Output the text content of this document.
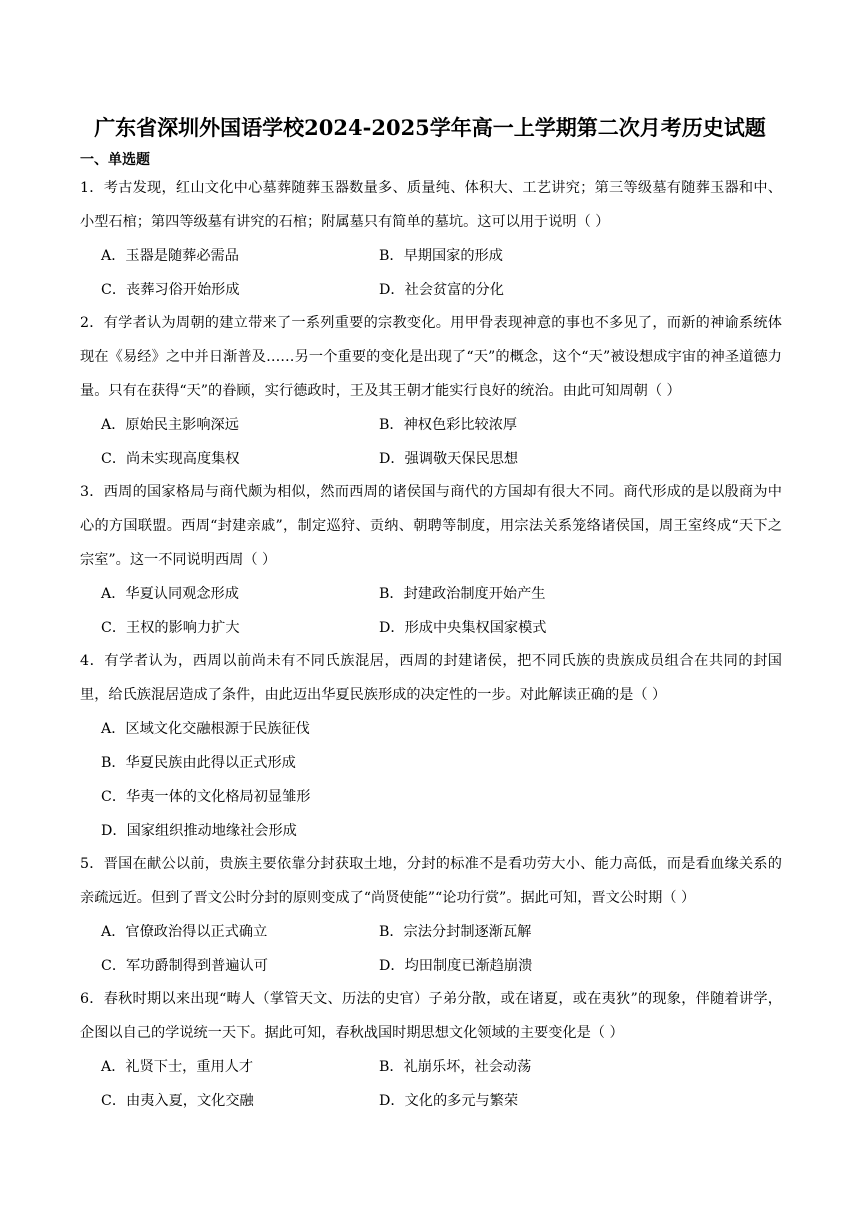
广东省深圳外国语学校2024-2025学年高一上学期第二次月考历史试题
一、单选题
1．考古发现，红山文化中心墓葬随葬玉器数量多、质量纯、体积大、工艺讲究；第三等级墓有随葬玉器和中、小型石棺；第四等级墓有讲究的石棺；附属墓只有简单的墓坑。这可以用于说明（ ）
A．玉器是随葬必需品	B．早期国家的形成
C．丧葬习俗开始形成	D．社会贫富的分化
2．有学者认为周朝的建立带来了一系列重要的宗教变化。用甲骨表现神意的事也不多见了，而新的神谕系统体现在《易经》之中并日渐普及……另一个重要的变化是出现了“天”的概念，这个“天”被设想成宇宙的神圣道德力量。只有在获得“天”的眷顾，实行德政时，王及其王朝才能实行良好的统治。由此可知周朝（ ）
A．原始民主影响深远	B．神权色彩比较浓厚
C．尚未实现高度集权	D．强调敬天保民思想
3．西周的国家格局与商代颇为相似，然而西周的诸侯国与商代的方国却有很大不同。商代形成的是以殷商为中心的方国联盟。西周“封建亲戚”，制定巡狩、贡纳、朝聘等制度，用宗法关系笼络诸侯国，周王室终成“天下之宗室”。这一不同说明西周（ ）
A．华夏认同观念形成	B．封建政治制度开始产生
C．王权的影响力扩大	D．形成中央集权国家模式
4．有学者认为，西周以前尚未有不同氏族混居，西周的封建诸侯，把不同氏族的贵族成员组合在共同的封国里，给氏族混居造成了条件，由此迈出华夏民族形成的决定性的一步。对此解读正确的是（ ）
A．区域文化交融根源于民族征伐
B．华夏民族由此得以正式形成
C．华夷一体的文化格局初显雏形
D．国家组织推动地缘社会形成
5．晋国在献公以前，贵族主要依靠分封获取土地，分封的标准不是看功劳大小、能力高低，而是看血缘关系的亲疏远近。但到了晋文公时分封的原则变成了“尚贤使能”“论功行赏”。据此可知，晋文公时期（ ）
A．官僚政治得以正式确立	B．宗法分封制逐渐瓦解
C．军功爵制得到普遍认可	D．均田制度已渐趋崩溃
6．春秋时期以来出现“畴人（掌管天文、历法的史官）子弟分散，或在诸夏，或在夷狄”的现象，伴随着讲学，企图以自己的学说统一天下。据此可知，春秋战国时期思想文化领域的主要变化是（ ）
A．礼贤下士，重用人才	B．礼崩乐坏，社会动荡
C．由夷入夏，文化交融	D．文化的多元与繁荣
